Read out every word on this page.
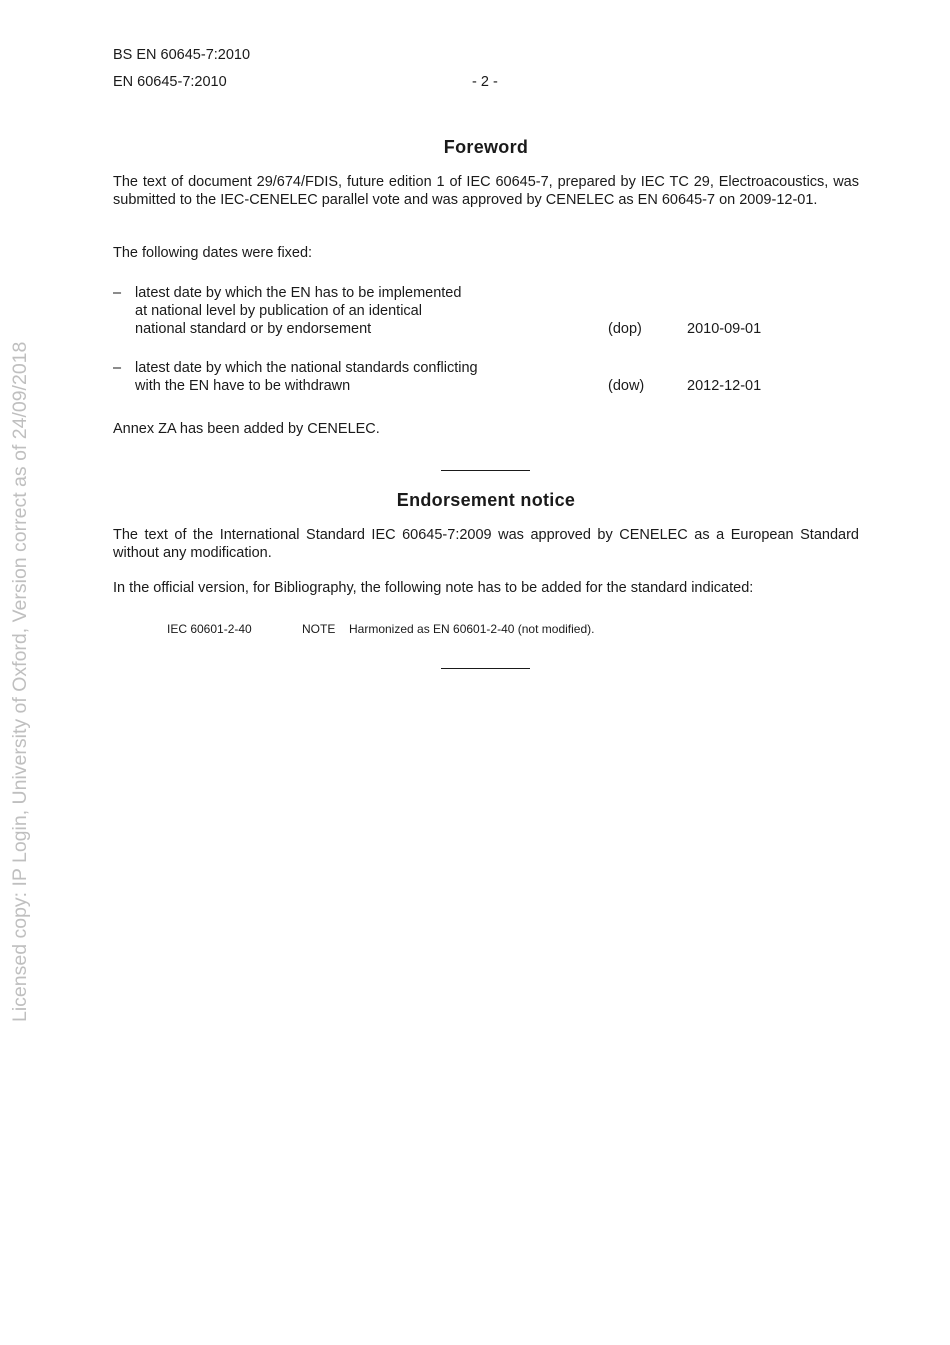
BS EN 60645-7:2010
EN 60645-7:2010	- 2 -
Foreword
The text of document 29/674/FDIS, future edition 1 of IEC 60645-7, prepared by IEC TC 29, Electroacoustics, was submitted to the IEC-CENELEC parallel vote and was approved by CENELEC as EN 60645-7 on 2009-12-01.
The following dates were fixed:
– latest date by which the EN has to be implemented
at national level by publication of an identical
national standard or by endorsement	(dop)	2010-09-01
– latest date by which the national standards conflicting
with the EN have to be withdrawn	(dow)	2012-12-01
Annex ZA has been added by CENELEC.
Endorsement notice
The text of the International Standard IEC 60645-7:2009 was approved by CENELEC as a European Standard without any modification.
In the official version, for Bibliography, the following note has to be added for the standard indicated:
IEC 60601-2-40	NOTE Harmonized as EN 60601-2-40 (not modified).
Licensed copy: IP Login, University of Oxford, Version correct as of 24/09/2018
